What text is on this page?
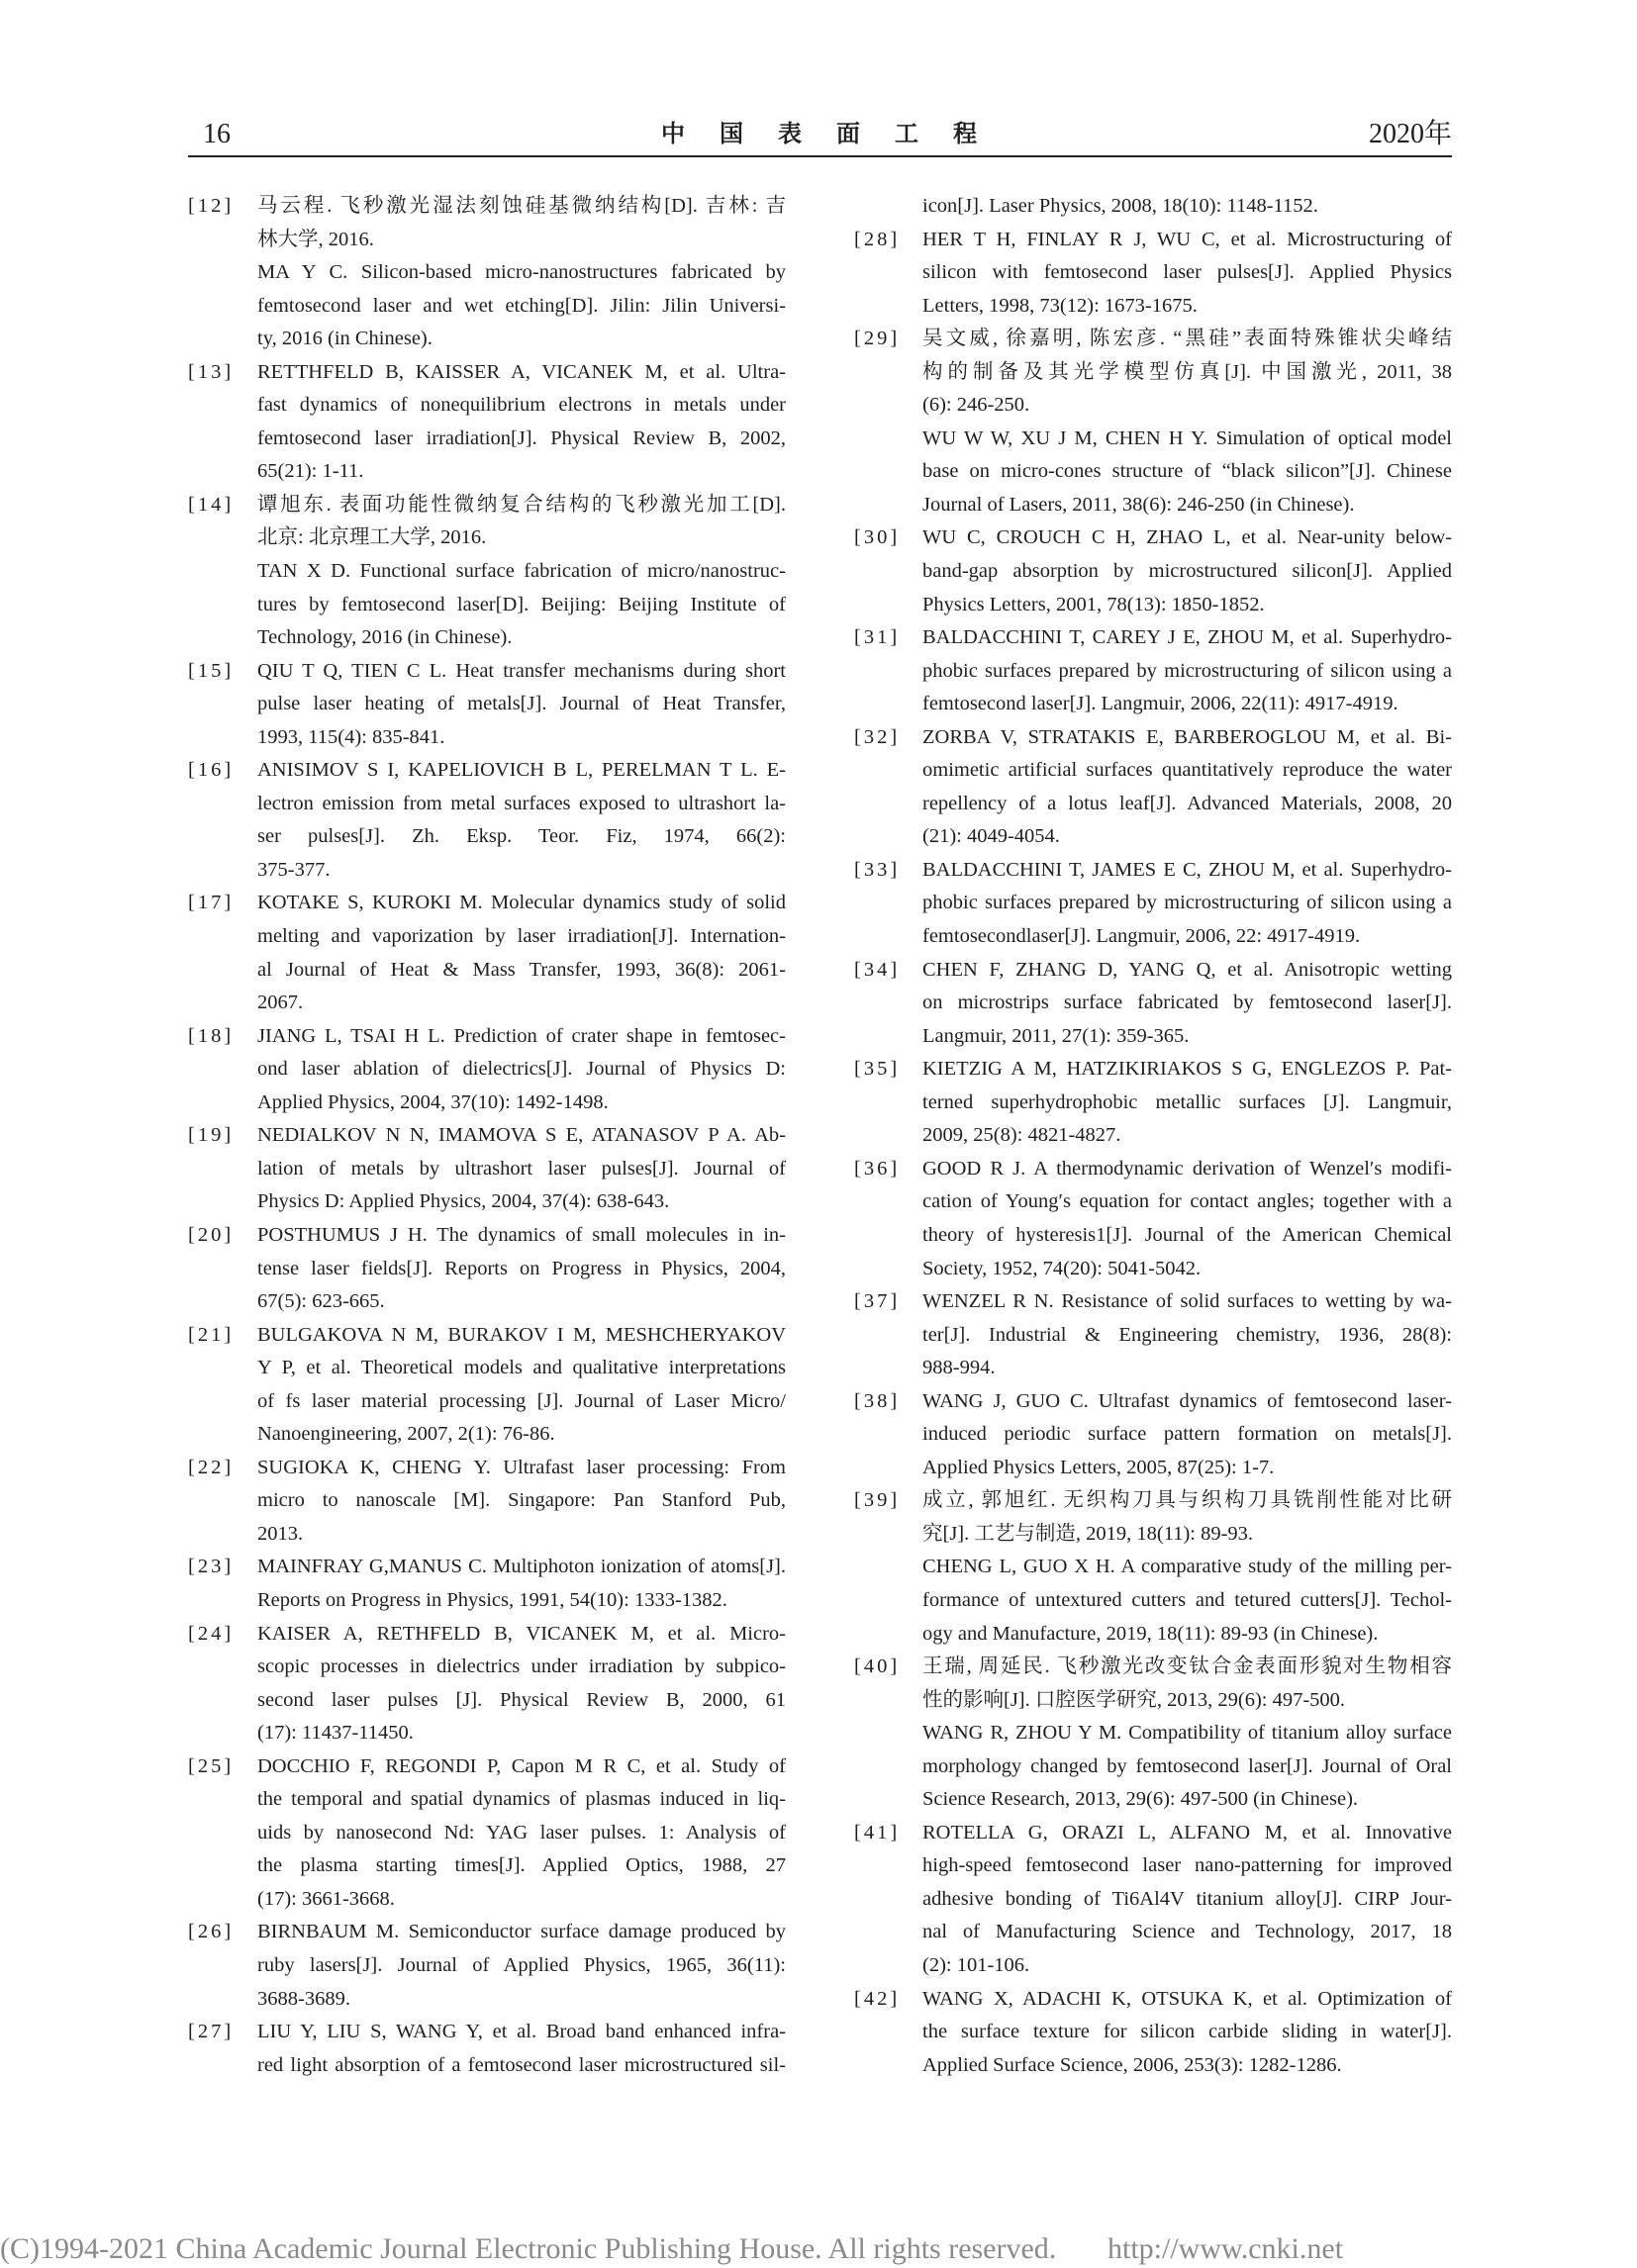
16	中国表面工程	2020年
[12] 马云程. 飞秒激光湿法刻蚀硅基微纳结构[D]. 吉林: 吉
林大学, 2016.
MA Y C. Silicon-based micro-nanostructures fabricated by
femtosecond laser and wet etching[D]. Jilin: Jilin Universi-
ty, 2016 (in Chinese).
[13] RETTHFELD B, KAISSER A, VICANEK M, et al. Ultra-
fast dynamics of nonequilibrium electrons in metals under
femtosecond laser irradiation[J]. Physical Review B, 2002,
65(21): 1-11.
[14] 谭旭东. 表面功能性微纳复合结构的飞秒激光加工[D].
北京: 北京理工大学, 2016.
TAN X D. Functional surface fabrication of micro/nanostruc-
tures by femtosecond laser[D]. Beijing: Beijing Institute of
Technology, 2016 (in Chinese).
[15] QIU T Q, TIEN C L. Heat transfer mechanisms during short
pulse laser heating of metals[J]. Journal of Heat Transfer,
1993, 115(4): 835-841.
[16] ANISIMOV S I, KAPELIOVICH B L, PERELMAN T L. E-
lectron emission from metal surfaces exposed to ultrashort la-
ser pulses[J]. Zh. Eksp. Teor. Fiz, 1974, 66(2):
375-377.
[17] KOTAKE S, KUROKI M. Molecular dynamics study of solid
melting and vaporization by laser irradiation[J]. Internation-
al Journal of Heat & Mass Transfer, 1993, 36(8): 2061-
2067.
[18] JIANG L, TSAI H L. Prediction of crater shape in femtosec-
ond laser ablation of dielectrics[J]. Journal of Physics D:
Applied Physics, 2004, 37(10): 1492-1498.
[19] NEDIALKOV N N, IMAMOVA S E, ATANASOV P A. Ab-
lation of metals by ultrashort laser pulses[J]. Journal of
Physics D: Applied Physics, 2004, 37(4): 638-643.
[20] POSTHUMUS J H. The dynamics of small molecules in in-
tense laser fields[J]. Reports on Progress in Physics, 2004,
67(5): 623-665.
[21] BULGAKOVA N M, BURAKOV I M, MESHCHERYAKOV
Y P, et al. Theoretical models and qualitative interpretations
of fs laser material processing [J]. Journal of Laser Micro/
Nanoengineering, 2007, 2(1): 76-86.
[22] SUGIOKA K, CHENG Y. Ultrafast laser processing: From
micro to nanoscale [M]. Singapore: Pan Stanford Pub,
2013.
[23] MAINFRAY G,MANUS C. Multiphoton ionization of atoms[J].
Reports on Progress in Physics, 1991, 54(10): 1333-1382.
[24] KAISER A, RETHFELD B, VICANEK M, et al. Micro-
scopic processes in dielectrics under irradiation by subpico-
second laser pulses [J]. Physical Review B, 2000, 61
(17): 11437-11450.
[25] DOCCHIO F, REGONDI P, Capon M R C, et al. Study of
the temporal and spatial dynamics of plasmas induced in liq-
uids by nanosecond Nd: YAG laser pulses. 1: Analysis of
the plasma starting times[J]. Applied Optics, 1988, 27
(17): 3661-3668.
[26] BIRNBAUM M. Semiconductor surface damage produced by
ruby lasers[J]. Journal of Applied Physics, 1965, 36(11):
3688-3689.
[27] LIU Y, LIU S, WANG Y, et al. Broad band enhanced infra-
red light absorption of a femtosecond laser microstructured sil-
icon[J]. Laser Physics, 2008, 18(10): 1148-1152.
[28] HER T H, FINLAY R J, WU C, et al. Microstructuring of
silicon with femtosecond laser pulses[J]. Applied Physics
Letters, 1998, 73(12): 1673-1675.
[29] 吴文威, 徐嘉明, 陈宏彦. “黑硅”表面特殊锥状尖峰结
构的制备及其光学模型仿真[J]. 中国激光, 2011, 38
(6): 246-250.
WU W W, XU J M, CHEN H Y. Simulation of optical model
base on micro-cones structure of “black silicon”[J]. Chinese
Journal of Lasers, 2011, 38(6): 246-250 (in Chinese).
[30] WU C, CROUCH C H, ZHAO L, et al. Near-unity below-
band-gap absorption by microstructured silicon[J]. Applied
Physics Letters, 2001, 78(13): 1850-1852.
[31] BALDACCHINI T, CAREY J E, ZHOU M, et al. Superhydro-
phobic surfaces prepared by microstructuring of silicon using a
femtosecond laser[J]. Langmuir, 2006, 22(11): 4917-4919.
[32] ZORBA V, STRATAKIS E, BARBEROGLOU M, et al. Bi-
omimetic artificial surfaces quantitatively reproduce the water
repellency of a lotus leaf[J]. Advanced Materials, 2008, 20
(21): 4049-4054.
[33] BALDACCHINI T, JAMES E C, ZHOU M, et al. Superhydro-
phobic surfaces prepared by microstructuring of silicon using a
femtosecondlaser[J]. Langmuir, 2006, 22: 4917-4919.
[34] CHEN F, ZHANG D, YANG Q, et al. Anisotropic wetting
on microstrips surface fabricated by femtosecond laser[J].
Langmuir, 2011, 27(1): 359-365.
[35] KIETZIG A M, HATZIKIRIAKOS S G, ENGLEZOS P. Pat-
terned superhydrophobic metallic surfaces [J]. Langmuir,
2009, 25(8): 4821-4827.
[36] GOOD R J. A thermodynamic derivation of Wenzel′s modifi-
cation of Young′s equation for contact angles; together with a
theory of hysteresis1[J]. Journal of the American Chemical
Society, 1952, 74(20): 5041-5042.
[37] WENZEL R N. Resistance of solid surfaces to wetting by wa-
ter[J]. Industrial & Engineering chemistry, 1936, 28(8):
988-994.
[38] WANG J, GUO C. Ultrafast dynamics of femtosecond laser-
induced periodic surface pattern formation on metals[J].
Applied Physics Letters, 2005, 87(25): 1-7.
[39] 成立, 郭旭红. 无织构刀具与织构刀具铣削性能对比研
究[J]. 工艺与制造, 2019, 18(11): 89-93.
CHENG L, GUO X H. A comparative study of the milling per-
formance of untextured cutters and tetured cutters[J]. Techol-
ogy and Manufacture, 2019, 18(11): 89-93 (in Chinese).
[40] 王瑞, 周延民. 飞秒激光改变钛合金表面形貌对生物相容
性的影响[J]. 口腔医学研究, 2013, 29(6): 497-500.
WANG R, ZHOU Y M. Compatibility of titanium alloy surface
morphology changed by femtosecond laser[J]. Journal of Oral
Science Research, 2013, 29(6): 497-500 (in Chinese).
[41] ROTELLA G, ORAZI L, ALFANO M, et al. Innovative
high-speed femtosecond laser nano-patterning for improved
adhesive bonding of Ti6Al4V titanium alloy[J]. CIRP Jour-
nal of Manufacturing Science and Technology, 2017, 18
(2): 101-106.
[42] WANG X, ADACHI K, OTSUKA K, et al. Optimization of
the surface texture for silicon carbide sliding in water[J].
Applied Surface Science, 2006, 253(3): 1282-1286.
(C)1994-2021 China Academic Journal Electronic Publishing House. All rights reserved. http://www.cnki.net
